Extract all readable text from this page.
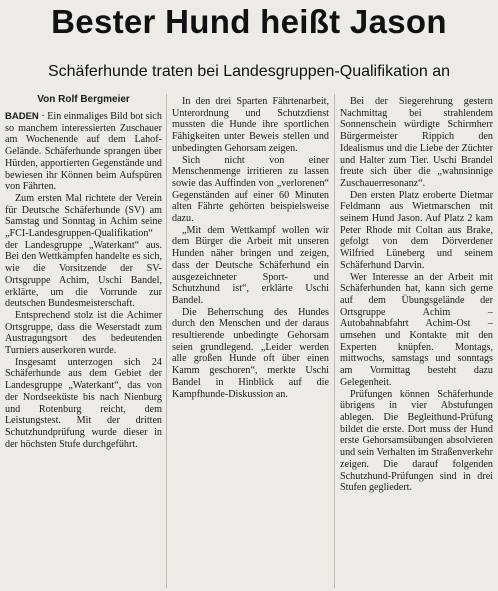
Bester Hund heißt Jason
Schäferhunde traten bei Landesgruppen-Qualifikation an
Von Rolf Bergmeier

BADEN · Ein einmaliges Bild bot sich so manchem interessierten Zuschauer am Wochenende auf dem Lahof-Gelände. Schäferhunde sprangen über Hürden, apportierten Gegenstände und bewiesen ihr Können beim Aufspüren von Fährten.

Zum ersten Mal richtete der Verein für Deutsche Schäferhunde (SV) am Samstag und Sonntag in Achim seine „FCI-Landesgruppen-Qualifikation“ der Landesgruppe „Waterkant“ aus. Bei den Wettkämpfen handelte es sich, wie die Vorsitzende der SV-Ortsgruppe Achim, Uschi Bandel, erklärte, um die Vorrunde zur deutschen Bundesmeisterschaft.

Entsprechend stolz ist die Achimer Ortsgruppe, dass die Weserstadt zum Austragungsort des bedeutenden Turniers auserkoren wurde.

Insgesamt unterzogen sich 24 Schäferhunde aus dem Gebiet der Landesgruppe „Waterkant“, das von der Nordseeküste bis nach Nienburg und Rotenburg reicht, dem Leistungstest. Mit der dritten Schutzhundprüfung wurde dieser in der höchsten Stufe durchgeführt.

In den drei Sparten Fährtenarbeit, Unterordnung und Schutzdienst mussten die Hunde ihre sportlichen Fähigkeiten unter Beweis stellen und unbedingten Gehorsam zeigen.

Sich nicht von einer Menschenmenge irritieren zu lassen sowie das Auffinden von „verlorenen“ Gegenständen auf einer 60 Minuten alten Fährte gehörten beispielsweise dazu.

„Mit dem Wettkampf wollen wir dem Bürger die Arbeit mit unseren Hunden näher bringen und zeigen, dass der Deutsche Schäferhund ein ausgezeichneter Sport- und Schutzhund ist“, erklärte Uschi Bandel.

Die Beherrschung des Hundes durch den Menschen und der daraus resultierende unbedingte Gehorsam seien grundlegend. „Leider werden alle großen Hunde oft über einen Kamm geschoren“, merkte Uschi Bandel in Hinblick auf die Kampfhunde-Diskussion an.

Bei der Siegerehrung gestern Nachmittag bei strahlendem Sonnenschein würdigte Schirmherr Bürgermeister Rippich den Idealismus und die Liebe der Züchter und Halter zum Tier. Uschi Brandel freute sich über die „wahnsinnige Zuschauerresonanz“.

Den ersten Platz eroberte Dietmar Feldmann aus Wietmarschen mit seinem Hund Jason. Auf Platz 2 kam Peter Rhode mit Coltan aus Brake, gefolgt von dem Dörverdener Wilfried Lüneberg und seinem Schäferhund Darvin.

Wer Interesse an der Arbeit mit Schäferhunden hat, kann sich gerne auf dem Übungsgelände der Ortsgruppe Achim – Autobahnabfahrt Achim-Ost – umsehen und Kontakte mit den Experten knüpfen. Montags, mittwochs, samstags und sonntags am Vormittag besteht dazu Gelegenheit.

Prüfungen können Schäferhunde übrigens in vier Abstufungen ablegen. Die Begleithund-Prüfung bildet die erste. Dort muss der Hund erste Gehorsamsübungen absolvieren und sein Verhalten im Straßenverkehr zeigen. Die darauf folgenden Schutzhund-Prüfungen sind in drei Stufen gegliedert.
